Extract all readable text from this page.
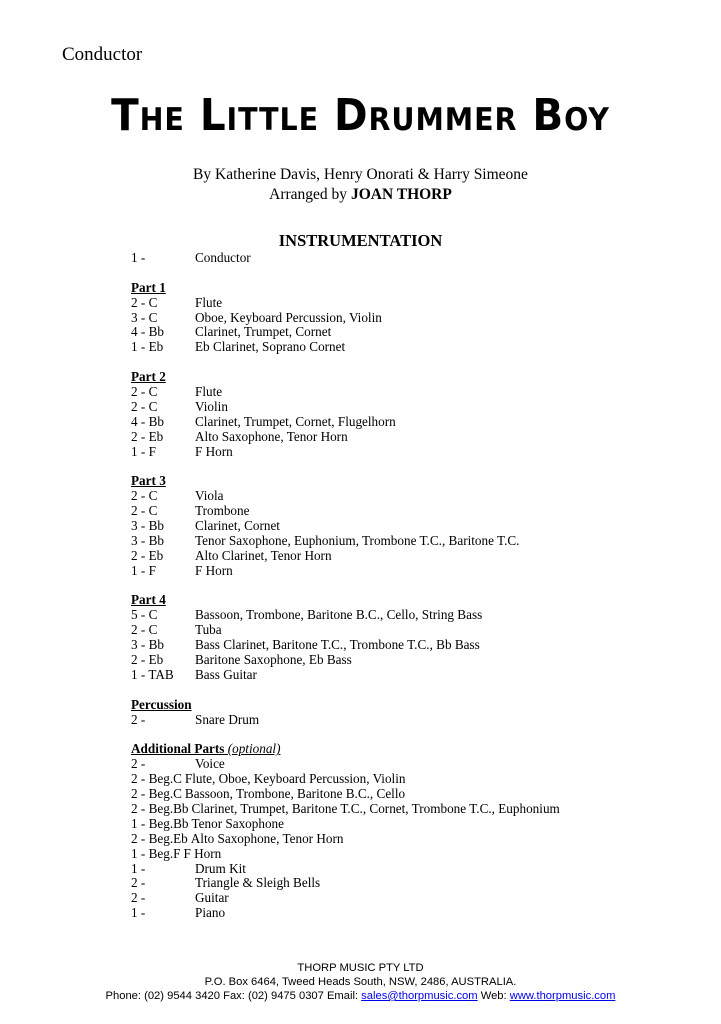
Conductor
The Little Drummer Boy
By Katherine Davis, Henry Onorati & Harry Simeone
Arranged by JOAN THORP
INSTRUMENTATION
1 -	Conductor
Part 1
2 - C	Flute
3 - C	Oboe, Keyboard Percussion, Violin
4 - Bb	Clarinet, Trumpet, Cornet
1 - Eb	Eb Clarinet, Soprano Cornet
Part 2
2 - C	Flute
2 - C	Violin
4 - Bb	Clarinet, Trumpet, Cornet, Flugelhorn
2 - Eb	Alto Saxophone, Tenor Horn
1 - F	F Horn
Part 3
2 - C	Viola
2 - C	Trombone
3 - Bb	Clarinet, Cornet
3 - Bb	Tenor Saxophone, Euphonium, Trombone T.C., Baritone T.C.
2 - Eb	Alto Clarinet, Tenor Horn
1 - F	F Horn
Part 4
5 - C	Bassoon, Trombone, Baritone B.C., Cello, String Bass
2 - C	Tuba
3 - Bb	Bass Clarinet, Baritone T.C., Trombone T.C., Bb Bass
2 - Eb	Baritone Saxophone, Eb Bass
1 - TAB	Bass Guitar
Percussion
2 -	Snare Drum
Additional Parts (optional)
2 -	Voice
2 - Beg.C Flute, Oboe, Keyboard Percussion, Violin
2 - Beg.C Bassoon, Trombone, Baritone B.C., Cello
2 - Beg.Bb Clarinet, Trumpet, Baritone T.C., Cornet, Trombone T.C., Euphonium
1 - Beg.Bb Tenor Saxophone
2 - Beg.Eb Alto Saxophone, Tenor Horn
1 - Beg.F F Horn
1 -	Drum Kit
2 -	Triangle & Sleigh Bells
2 -	Guitar
1 -	Piano
THORP MUSIC PTY LTD
P.O. Box 6464, Tweed Heads South, NSW, 2486, AUSTRALIA.
Phone: (02) 9544 3420 Fax: (02) 9475 0307 Email: sales@thorpmusic.com Web: www.thorpmusic.com
